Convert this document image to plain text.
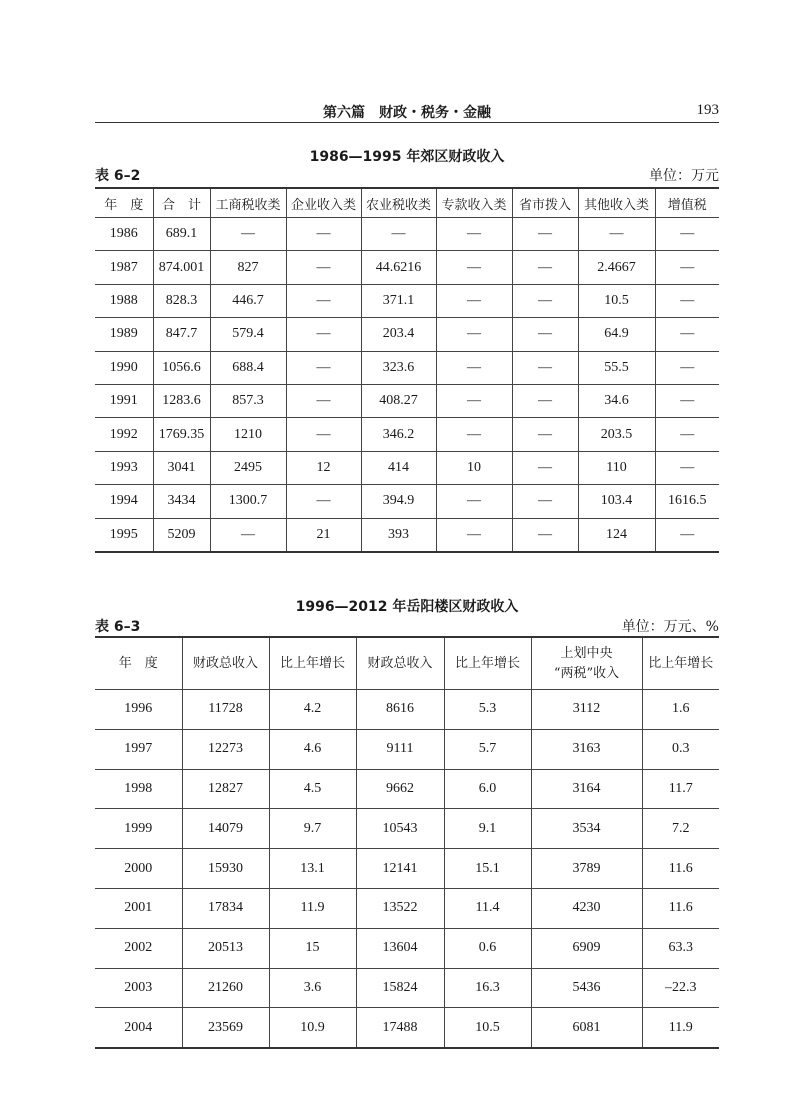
第六篇　财政・税务・金融	193
1986—1995 年郊区财政收入
表 6–2	单位：万元
年　度	合　计	工商税收类	企业收入类	农业税收类	专款收入类	省市拨入	其他收入类	增值税
1986	689.1	—	—	—	—	—	—	—
1987	874.001	827	—	44.6216	—	—	2.4667	—
1988	828.3	446.7	—	371.1	—	—	10.5	—
1989	847.7	579.4	—	203.4	—	—	64.9	—
1990	1056.6	688.4	—	323.6	—	—	55.5	—
1991	1283.6	857.3	—	408.27	—	—	34.6	—
1992	1769.35	1210	—	346.2	—	—	203.5	—
1993	3041	2495	12	414	10	—	110	—
1994	3434	1300.7	—	394.9	—	—	103.4	1616.5
1995	5209	—	21	393	—	—	124	—
1996—2012 年岳阳楼区财政收入
表 6–3	单位：万元、%
年　度	财政总收入	比上年增长	财政总收入	比上年增长	上划中央
“两税”收入	比上年增长
1996	11728	4.2	8616	5.3	3112	1.6
1997	12273	4.6	9111	5.7	3163	0.3
1998	12827	4.5	9662	6.0	3164	11.7
1999	14079	9.7	10543	9.1	3534	7.2
2000	15930	13.1	12141	15.1	3789	11.6
2001	17834	11.9	13522	11.4	4230	11.6
2002	20513	15	13604	0.6	6909	63.3
2003	21260	3.6	15824	16.3	5436	–22.3
2004	23569	10.9	17488	10.5	6081	11.9
